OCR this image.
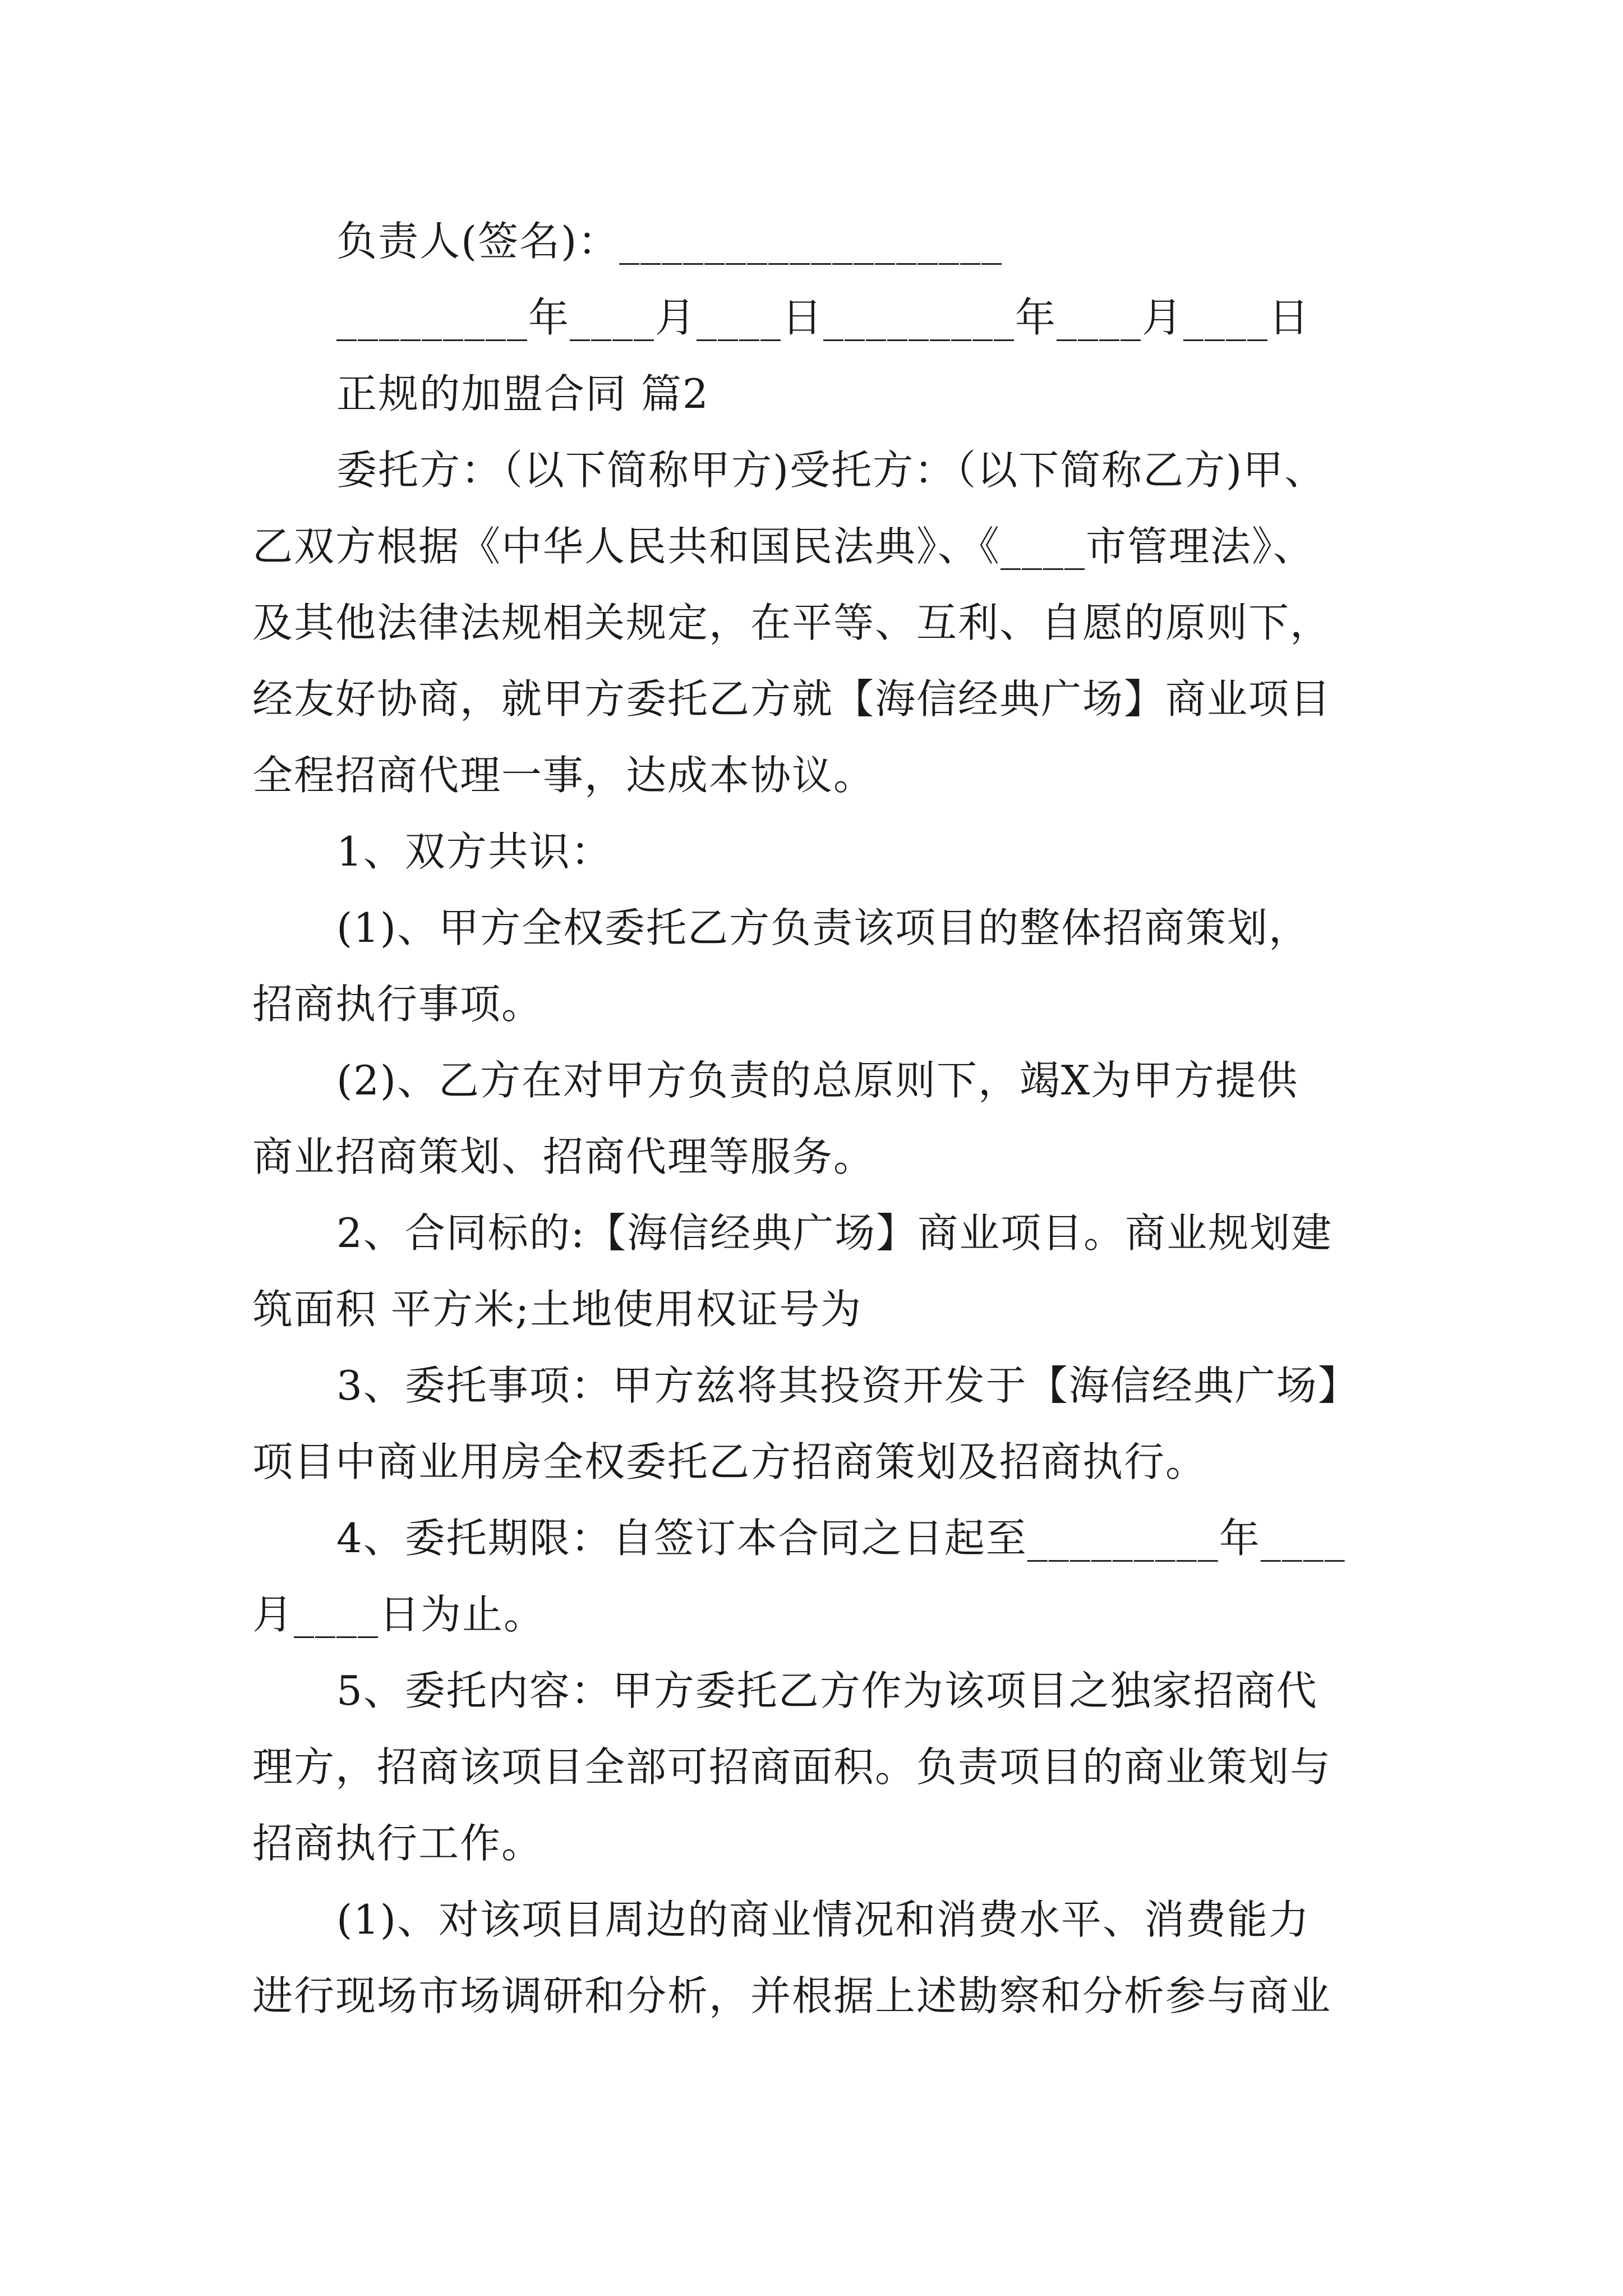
负责人(签名)：__________________
_________年____月____日_________年____月____日
正规的加盟合同 篇2
委托方：（以下简称甲方)受托方：（以下简称乙方)甲、
乙双方根据《中华人民共和国民法典》、《____市管理法》、
及其他法律法规相关规定，在平等、互利、自愿的原则下，
经友好协商，就甲方委托乙方就【海信经典广场】商业项目
全程招商代理一事，达成本协议。
1、双方共识：
(1)、甲方全权委托乙方负责该项目的整体招商策划，
招商执行事项。
(2)、乙方在对甲方负责的总原则下，竭X为甲方提供
商业招商策划、招商代理等服务。
2、合同标的:【海信经典广场】商业项目。商业规划建
筑面积 平方米;土地使用权证号为
3、委托事项：甲方兹将其投资开发于【海信经典广场】
项目中商业用房全权委托乙方招商策划及招商执行。
4、委托期限：自签订本合同之日起至_________年____
月____日为止。
5、委托内容：甲方委托乙方作为该项目之独家招商代
理方，招商该项目全部可招商面积。负责项目的商业策划与
招商执行工作。
(1)、对该项目周边的商业情况和消费水平、消费能力
进行现场市场调研和分析，并根据上述勘察和分析参与商业
